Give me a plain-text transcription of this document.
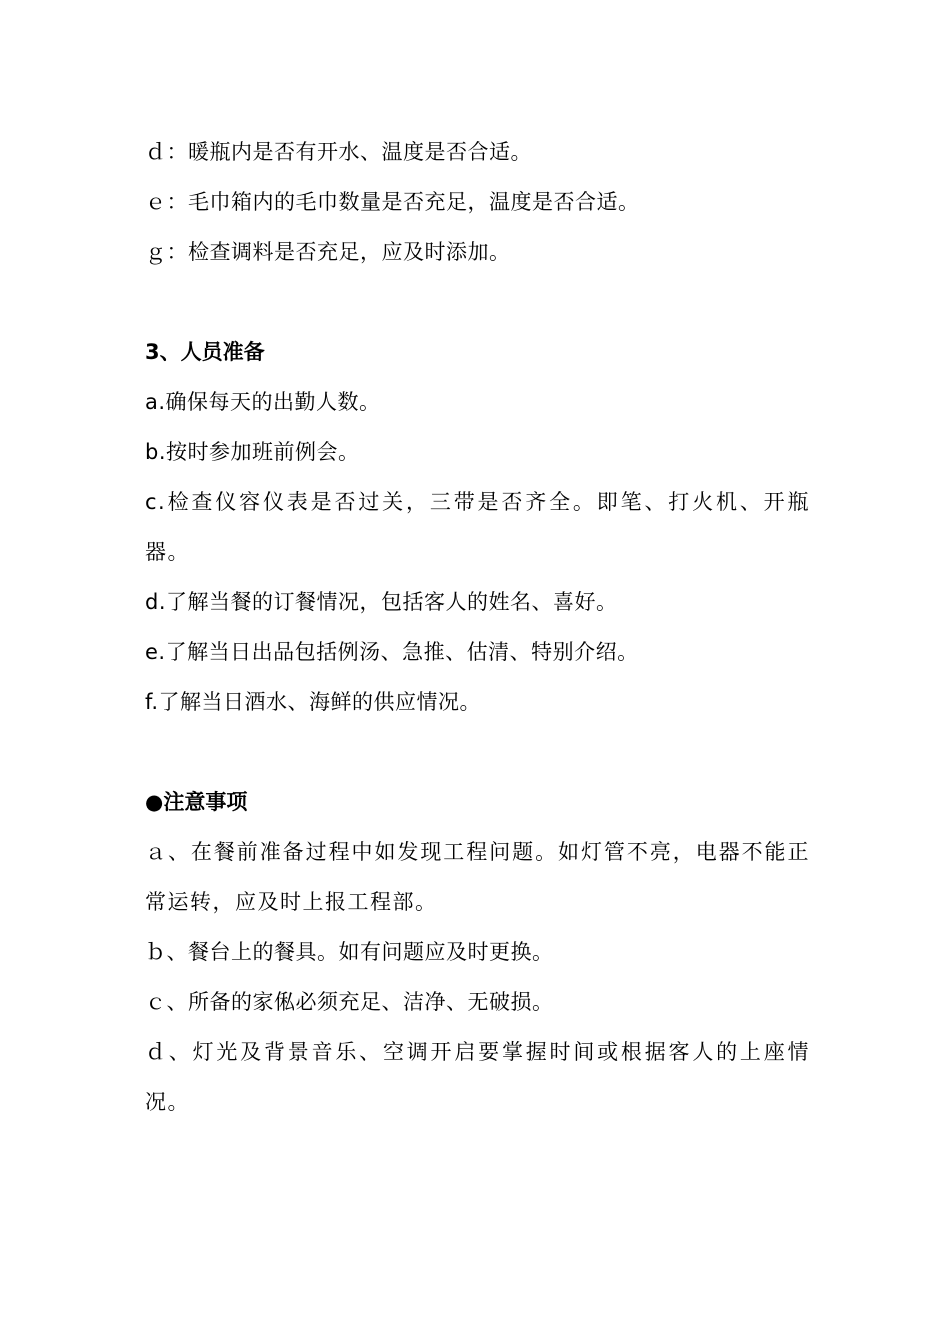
ｄ：暖瓶内是否有开水、温度是否合适。
ｅ：毛巾箱内的毛巾数量是否充足，温度是否合适。
ｇ：检查调料是否充足，应及时添加。
3、人员准备
a.确保每天的出勤人数。
b.按时参加班前例会。
c.检查仪容仪表是否过关，三带是否齐全。即笔、打火机、开瓶器。
d.了解当餐的订餐情况，包括客人的姓名、喜好。
e.了解当日出品包括例汤、急推、估清、特别介绍。
f.了解当日酒水、海鲜的供应情况。
●注意事项
ａ、在餐前准备过程中如发现工程问题。如灯管不亮，电器不能正常运转，应及时上报工程部。
ｂ、餐台上的餐具。如有问题应及时更换。
ｃ、所备的家俬必须充足、洁净、无破损。
ｄ、灯光及背景音乐、空调开启要掌握时间或根据客人的上座情况。
